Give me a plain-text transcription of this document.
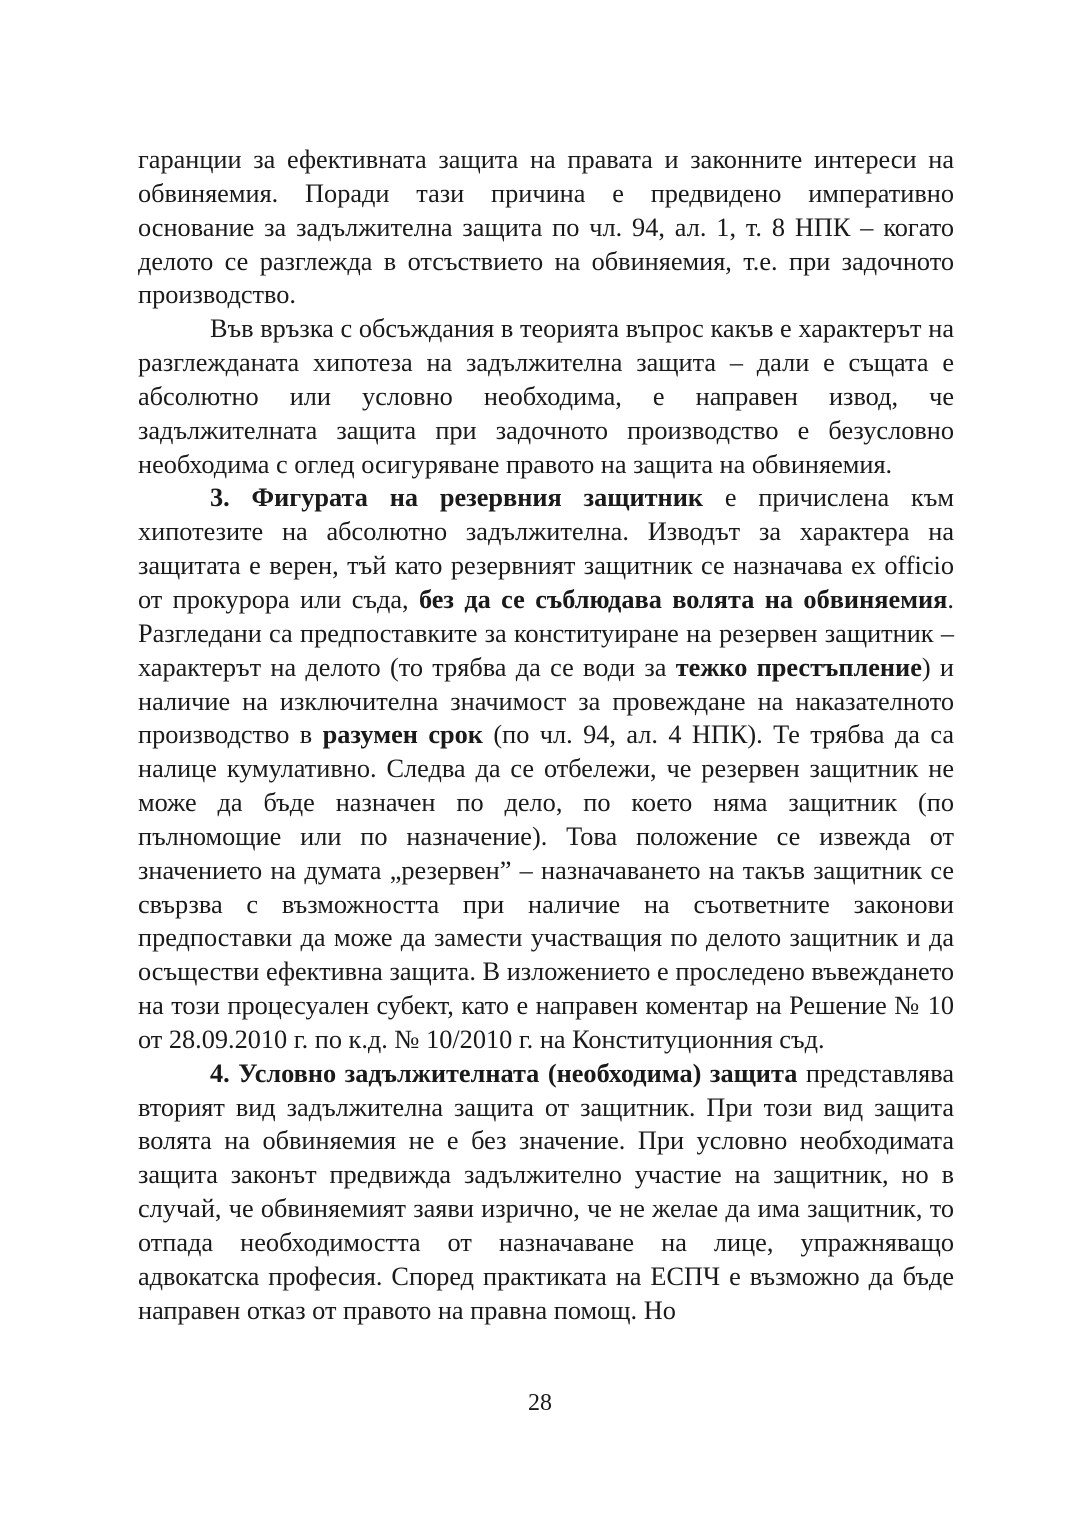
гаранции за ефективната защита на правата и законните интереси на обвиняемия. Поради тази причина е предвидено императивно основание за задължителна защита по чл. 94, ал. 1, т. 8 НПК – когато делото се разглежда в отсъствието на обвиняемия, т.е. при задочното производство.

Във връзка с обсъждания в теорията въпрос какъв е характерът на разглежданата хипотеза на задължителна защита – дали е същата е абсолютно или условно необходима, е направен извод, че задължителната защита при задочното производство е безусловно необходима с оглед осигуряване правото на защита на обвиняемия.

3. Фигурата на резервния защитник е причислена към хипотезите на абсолютно задължителна. Изводът за характера на защитата е верен, тъй като резервният защитник се назначава ex officio от прокурора или съда, без да се съблюдава волята на обвиняемия. Разгледани са предпоставките за конституиране на резервен защитник – характерът на делото (то трябва да се води за тежко престъпление) и наличие на изключителна значимост за провеждане на наказателното производство в разумен срок (по чл. 94, ал. 4 НПК). Те трябва да са налице кумулативно. Следва да се отбележи, че резервен защитник не може да бъде назначен по дело, по което няма защитник (по пълномощие или по назначение). Това положение се извежда от значението на думата „резервен” – назначаването на такъв защитник се свързва с възможността при наличие на съответните законови предпоставки да може да замести участващия по делото защитник и да осъществи ефективна защита. В изложението е проследено въвеждането на този процесуален субект, като е направен коментар на Решение № 10 от 28.09.2010 г. по к.д. № 10/2010 г. на Конституционния съд.

4. Условно задължителната (необходима) защита представлява вторият вид задължителна защита от защитник. При този вид защита волята на обвиняемия не е без значение. При условно необходимата защита законът предвижда задължително участие на защитник, но в случай, че обвиняемият заяви изрично, че не желае да има защитник, то отпада необходимостта от назначаване на лице, упражняващо адвокатска професия. Според практиката на ЕСПЧ е възможно да бъде направен отказ от правото на правна помощ. Но

28
